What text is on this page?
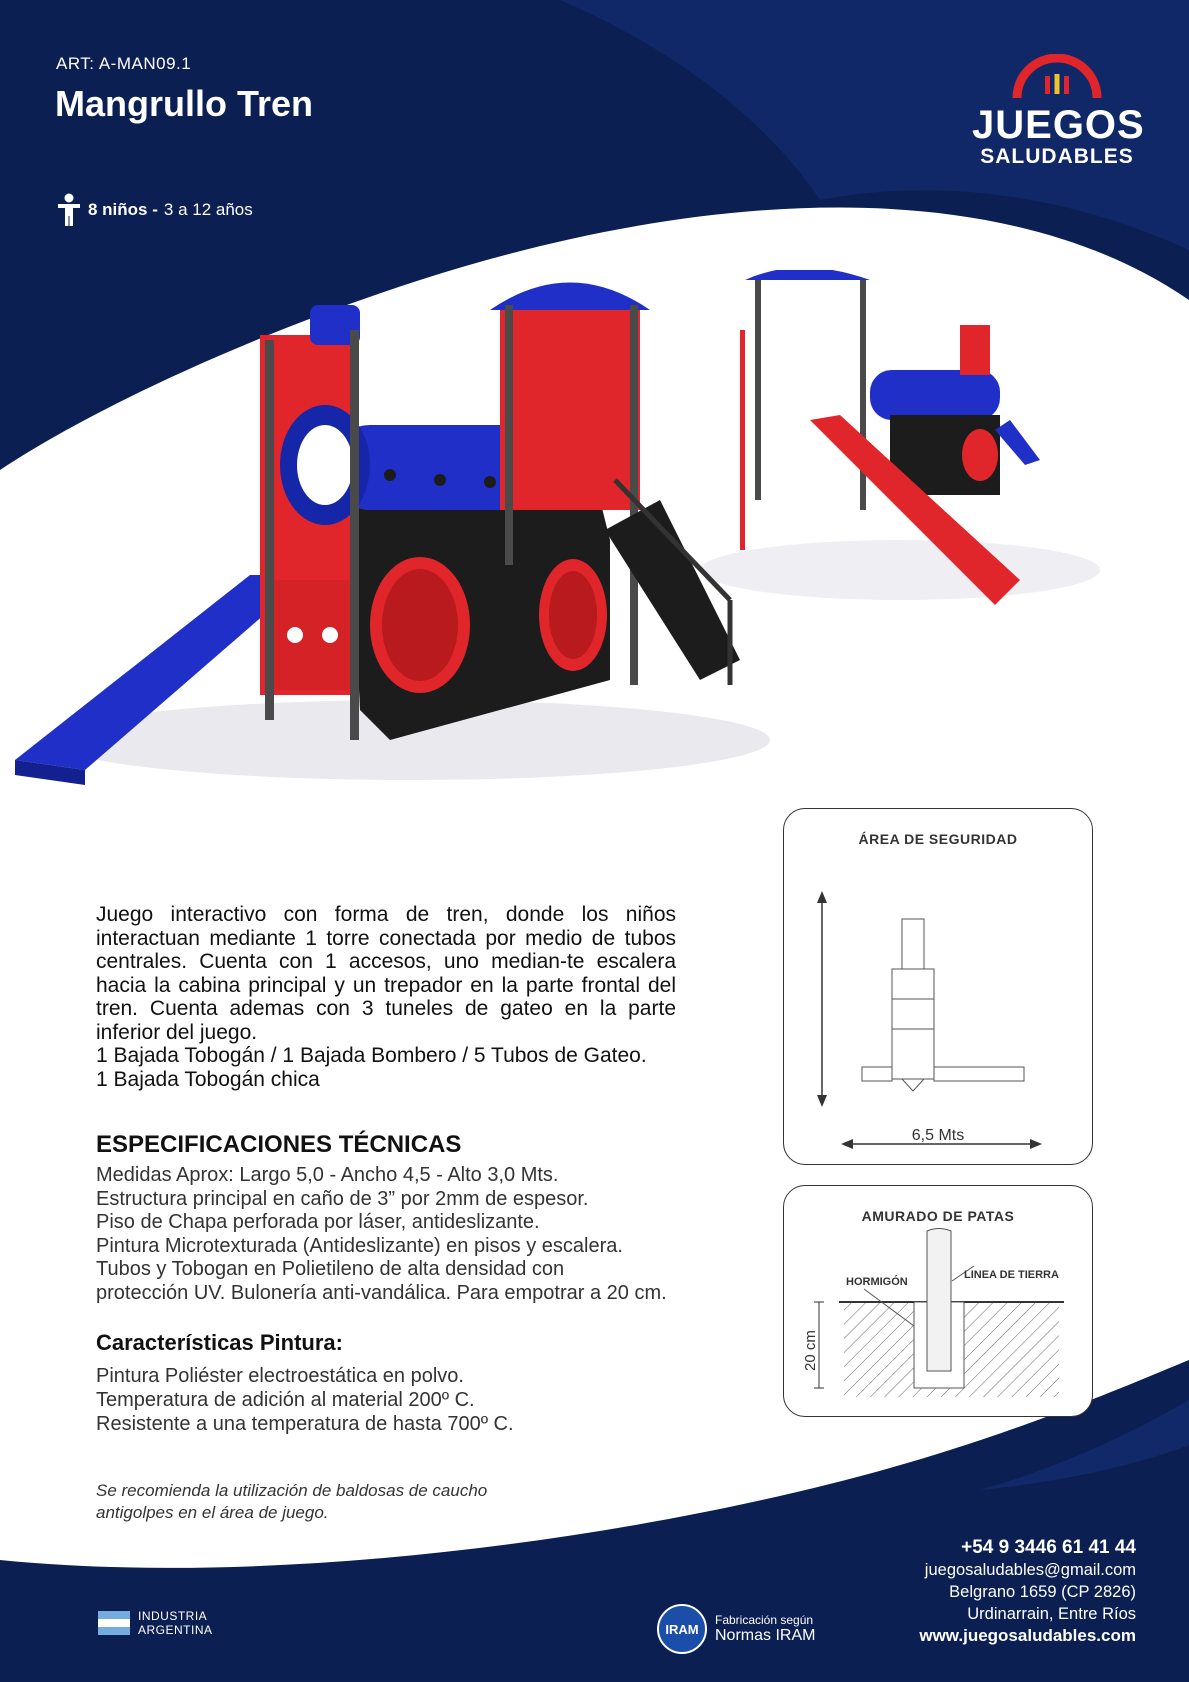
ART: A-MAN09.1
Mangrullo Tren
8 niños - 3 a 12 años
JUEGOS
SALUDABLES

Juego interactivo con forma de tren, donde los niños interactuan mediante 1 torre conectada por medio de tubos centrales. Cuenta con 1 accesos, uno median-te escalera hacia la cabina principal y un trepador en la parte frontal del tren. Cuenta ademas con 3 tuneles de gateo en la parte inferior del juego.

1 Bajada Tobogán / 1 Bajada Bombero / 5 Tubos de Gateo.

1 Bajada Tobogán chica

ESPECIFICACIONES TÉCNICAS
Medidas Aprox: Largo 5,0 - Ancho 4,5 - Alto 3,0 Mts.
Estructura principal en caño de 3” por 2mm de espesor.
Piso de Chapa perforada por láser, antideslizante.
Pintura Microtexturada (Antideslizante) en pisos y escalera.
Tubos y Tobogan en Polietileno de alta densidad con
protección UV. Bulonería anti-vandálica. Para empotrar a 20 cm.
Características Pintura:
Pintura Poliéster electroestática en polvo.
Temperatura de adición al material 200º C.
Resistente a una temperatura de hasta 700º C.
Se recomienda la utilización de baldosas de caucho
antigolpes en el área de juego.
ÁREA DE SEGURIDAD
6,5 Mts
AMURADO DE PATAS
HORMIGÓN
LINEA DE TIERRA
20 cm
+54 9 3446 61 41 44
juegosaludables@gmail.com
Belgrano 1659 (CP 2826)
Urdinarrain, Entre Ríos
www.juegosaludables.com
INDUSTRIA
ARGENTINA	IRAM
Fabricación según
Normas IRAM
